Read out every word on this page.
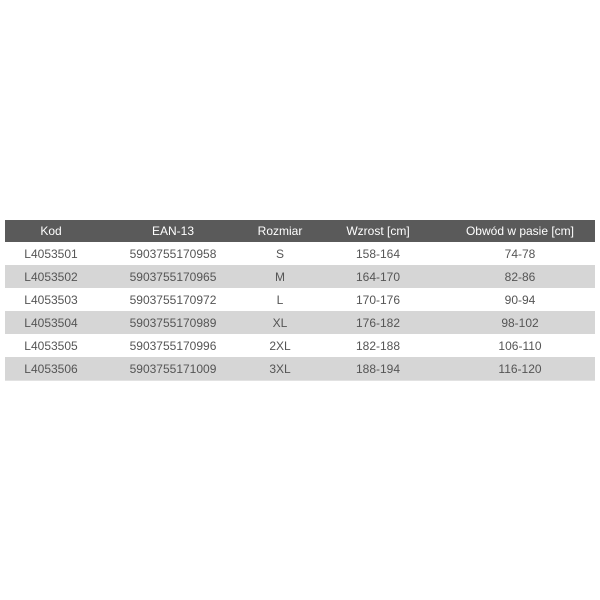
Kod	EAN-13	Rozmiar	Wzrost [cm]	Obwód w pasie [cm]
L4053501	5903755170958	S	158-164	74-78
L4053502	5903755170965	M	164-170	82-86
L4053503	5903755170972	L	170-176	90-94
L4053504	5903755170989	XL	176-182	98-102
L4053505	5903755170996	2XL	182-188	106-110
L4053506	5903755171009	3XL	188-194	116-120
